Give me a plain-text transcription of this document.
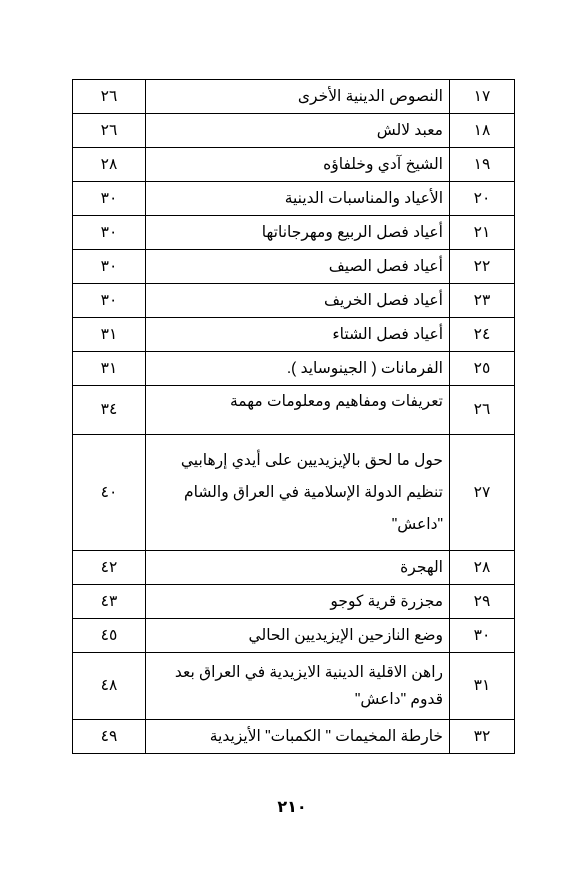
١٧	النصوص الدينية الأخرى	٢٦
١٨	معبد لالش	٢٦
١٩	الشيخ آدي وخلفاؤه	٢٨
٢٠	الأعياد والمناسبات الدينية	٣٠
٢١	أعياد فصل الربيع ومهرجاناتها	٣٠
٢٢	أعياد فصل الصيف	٣٠
٢٣	أعياد فصل الخريف	٣٠
٢٤	أعياد فصل الشتاء	٣١
٢٥	الفرمانات ( الجينوسايد ).	٣١
٢٦	تعريفات ومفاهيم ومعلومات مهمة	٣٤
٢٧	حول ما لحق بالإيزيديين على أيدي إرهابيي تنظيم الدولة الإسلامية في العراق والشام "داعش"	٤٠
٢٨	الهجرة	٤٢
٢٩	مجزرة قرية كوجو	٤٣
٣٠	وضع النازحين الإيزيديين الحالي	٤٥
٣١	راهن الاقلية الدينية الايزيدية في العراق بعد قدوم "داعش"	٤٨
٣٢	خارطة المخيمات " الكمبات" الأيزيدية	٤٩
٢١٠
